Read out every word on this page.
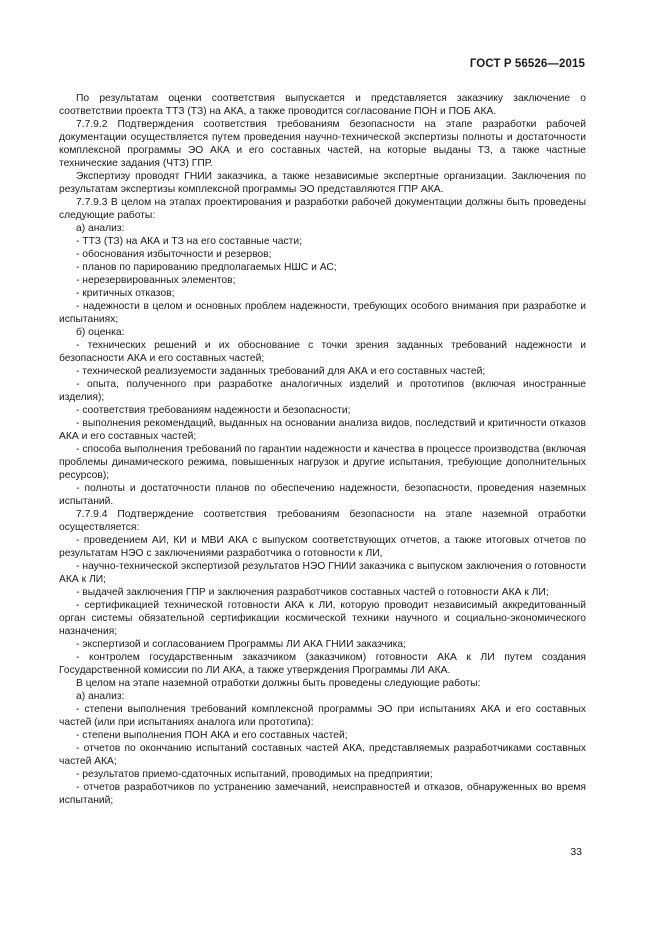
ГОСТ Р 56526—2015

По результатам оценки соответствия выпускается и представляется заказчику заключение о соответствии проекта ТТЗ (ТЗ) на АКА, а также проводится согласование ПОН и ПОБ АКА.

7.7.9.2 Подтверждения соответствия требованиям безопасности на этапе разработки рабочей документации осуществляется путем проведения научно-технической экспертизы полноты и достаточности комплексной программы ЭО АКА и его составных частей, на которые выданы ТЗ, а также частные технические задания (ЧТЗ) ГПР.

Экспертизу проводят ГНИИ заказчика, а также независимые экспертные организации. Заключения по результатам экспертизы комплексной программы ЭО представляются ГПР АКА.

7.7.9.3 В целом на этапах проектирования и разработки рабочей документации должны быть проведены следующие работы:

а) анализ:

- ТТЗ (ТЗ) на АКА и ТЗ на его составные части;

- обоснования избыточности и резервов;

- планов по парированию предполагаемых НШС и АС;

- нерезервированных элементов;

- критичных отказов;

- надежности в целом и основных проблем надежности, требующих особого внимания при разработке и испытаниях;

б) оценка:

- технических решений и их обоснование с точки зрения заданных требований надежности и безопасности АКА и его составных частей;

- технической реализуемости заданных требований для АКА и его составных частей;

- опыта, полученного при разработке аналогичных изделий и прототипов (включая иностранные изделия);

- соответствия требованиям надежности и безопасности;

- выполнения рекомендаций, выданных на основании анализа видов, последствий и критичности отказов АКА и его составных частей;

- способа выполнения требований по гарантии надежности и качества в процессе производства (включая проблемы динамического режима, повышенных нагрузок и другие испытания, требующие дополнительных ресурсов);

- полноты и достаточности планов по обеспечению надежности, безопасности, проведения наземных испытаний.

7.7.9.4 Подтверждение соответствия требованиям безопасности на этапе наземной отработки осуществляется:

- проведением АИ, КИ и МВИ АКА с выпуском соответствующих отчетов, а также итоговых отчетов по результатам НЭО с заключениями разработчика о готовности к ЛИ,

- научно-технической экспертизой результатов НЭО ГНИИ заказчика с выпуском заключения о готовности АКА к ЛИ;

- выдачей заключения ГПР и заключения разработчиков составных частей о готовности АКА к ЛИ;

- сертификацией технической готовности АКА к ЛИ, которую проводит независимый аккредитованный орган системы обязательной сертификации космической техники научного и социально-экономического назначения;

- экспертизой и согласованием Программы ЛИ АКА ГНИИ заказчика;

- контролем государственным заказчиком (заказчиком) готовности АКА к ЛИ путем создания Государственной комиссии по ЛИ АКА, а также утверждения Программы ЛИ АКА.

В целом на этапе наземной отработки должны быть проведены следующие работы:

а) анализ:

- степени выполнения требований комплексной программы ЭО при испытаниях АКА и его составных частей (или при испытаниях аналога или прототипа):

- степени выполнения ПОН АКА и его составных частей;

- отчетов по окончанию испытаний составных частей АКА, представляемых разработчиками составных частей АКА;

- результатов приемо-сдаточных испытаний, проводимых на предприятии;

- отчетов разработчиков по устранению замечаний, неисправностей и отказов, обнаруженных во время испытаний;

33
